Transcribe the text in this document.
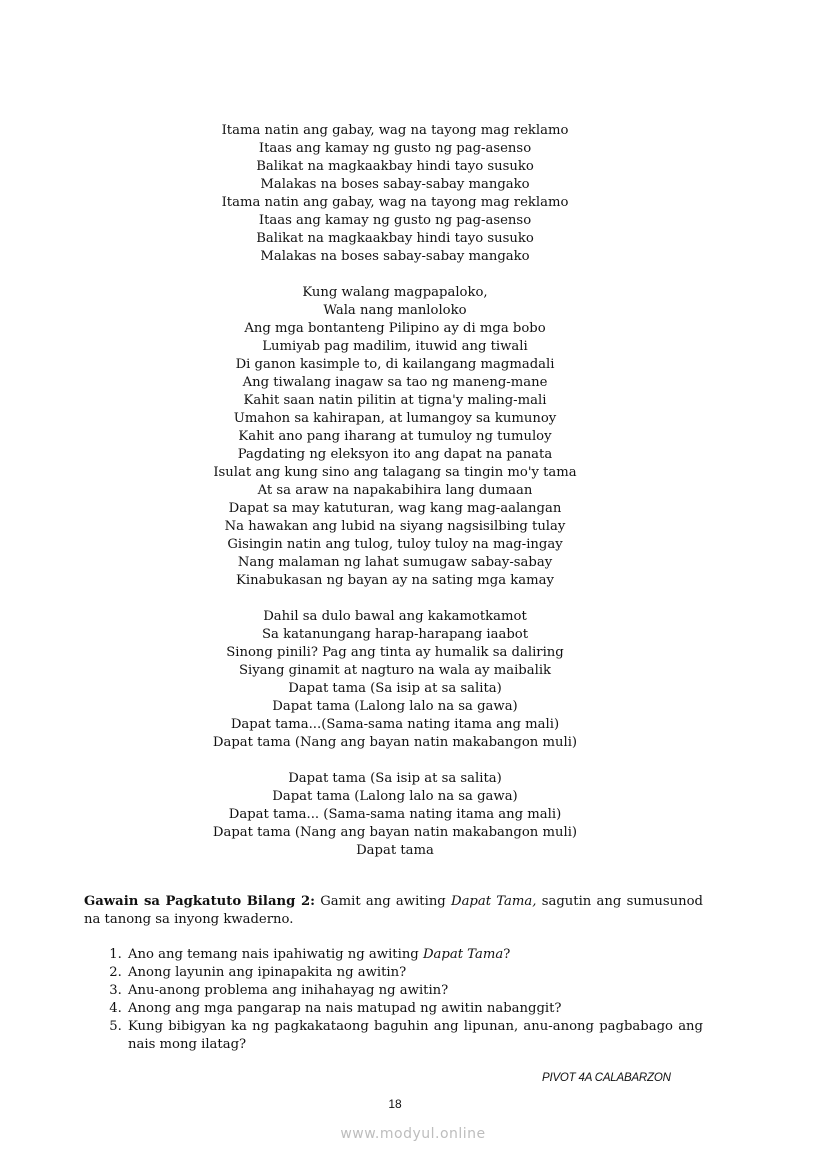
Itama natin ang gabay, wag na tayong mag reklamo
Itaas ang kamay ng gusto ng pag-asenso
Balikat na magkaakbay hindi tayo susuko
Malakas na boses sabay-sabay mangako
Itama natin ang gabay, wag na tayong mag reklamo
Itaas ang kamay ng gusto ng pag-asenso
Balikat na magkaakbay hindi tayo susuko
Malakas na boses sabay-sabay mangako
Kung walang magpapaloko,
Wala nang manloloko
Ang mga bontanteng Pilipino ay di mga bobo
Lumiyab pag madilim, ituwid ang tiwali
Di ganon kasimple to, di kailangang magmadali
Ang tiwalang inagaw sa tao ng maneng-mane
Kahit saan natin pilitin at tigna'y maling-mali
Umahon sa kahirapan, at lumangoy sa kumunoy
Kahit ano pang iharang at tumuloy ng tumuloy
Pagdating ng eleksyon ito ang dapat na panata
Isulat ang kung sino ang talagang sa tingin mo'y tama
At sa araw na napakabihira lang dumaan
Dapat sa may katuturan, wag kang mag-aalangan
Na hawakan ang lubid na siyang nagsisilbing tulay
Gisingin natin ang tulog, tuloy tuloy na mag-ingay
Nang malaman ng lahat sumugaw sabay-sabay
Kinabukasan ng bayan ay na sating mga kamay
Dahil sa dulo bawal ang kakamotkamot
Sa katanungang harap-harapang iaabot
Sinong pinili? Pag ang tinta ay humalik sa daliring
Siyang ginamit at nagturo na wala ay maibalik
Dapat tama (Sa isip at sa salita)
Dapat tama (Lalong lalo na sa gawa)
Dapat tama...(Sama-sama nating itama ang mali)
Dapat tama (Nang ang bayan natin makabangon muli)
Dapat tama (Sa isip at sa salita)
Dapat tama (Lalong lalo na sa gawa)
Dapat tama... (Sama-sama nating itama ang mali)
Dapat tama (Nang ang bayan natin makabangon muli)
Dapat tama
Gawain sa Pagkatuto Bilang 2: Gamit ang awiting Dapat Tama, sagutin ang sumusunod na tanong sa inyong kwaderno.
1. Ano ang temang nais ipahiwatig ng awiting Dapat Tama?
2. Anong layunin ang ipinapakita ng awitin?
3. Anu-anong problema ang inihahayag ng awitin?
4. Anong ang mga pangarap na nais matupad ng awitin nabanggit?
5. Kung bibigyan ka ng pagkakataong baguhin ang lipunan, anu-anong pagbabago ang nais mong ilatag?
PIVOT 4A CALABARZON
18
www.modyul.online
